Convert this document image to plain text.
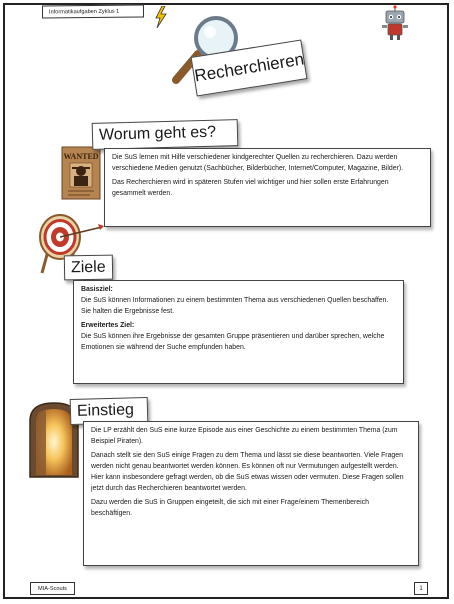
Informatikaufgaben Zyklus 1
Recherchieren
WANTED
Worum geht es?

Die SuS lernen mit Hilfe verschiedener kindgerechter Quellen zu recherchieren. Dazu werden verschiedene Medien genutzt (Sachbücher, Bilderbücher, Internet/Computer, Magazine, Bilder).

Das Recherchieren wird in späteren Stufen viel wichtiger und hier sollen erste Erfahrungen gesammelt werden.

Ziele
Basisziel:

Die SuS können Informationen zu einem bestimmten Thema aus verschiedenen Quellen beschaffen. Sie halten die Ergebnisse fest.

Erweitertes Ziel:

Die SuS können ihre Ergebnisse der gesamten Gruppe präsentieren und darüber sprechen, welche Emotionen sie während der Suche empfunden haben.

Einstieg

Die LP erzählt den SuS eine kurze Episode aus einer Geschichte zu einem bestimmten Thema (zum Beispiel Piraten).

Danach stellt sie den SuS einige Fragen zu dem Thema und lässt sie diese beantworten. Viele Fragen werden nicht genau beantwortet werden können. Es können oft nur Vermutungen aufgestellt werden. Hier kann insbesondere gefragt werden, ob die SuS etwas wissen oder vermuten. Diese Fragen sollen jetzt durch das Recherchieren beantwortet werden.

Dazu werden die SuS in Gruppen eingeteilt, die sich mit einer Frage/einem Themenbereich beschäftigen.

MIA-Scouts	1
